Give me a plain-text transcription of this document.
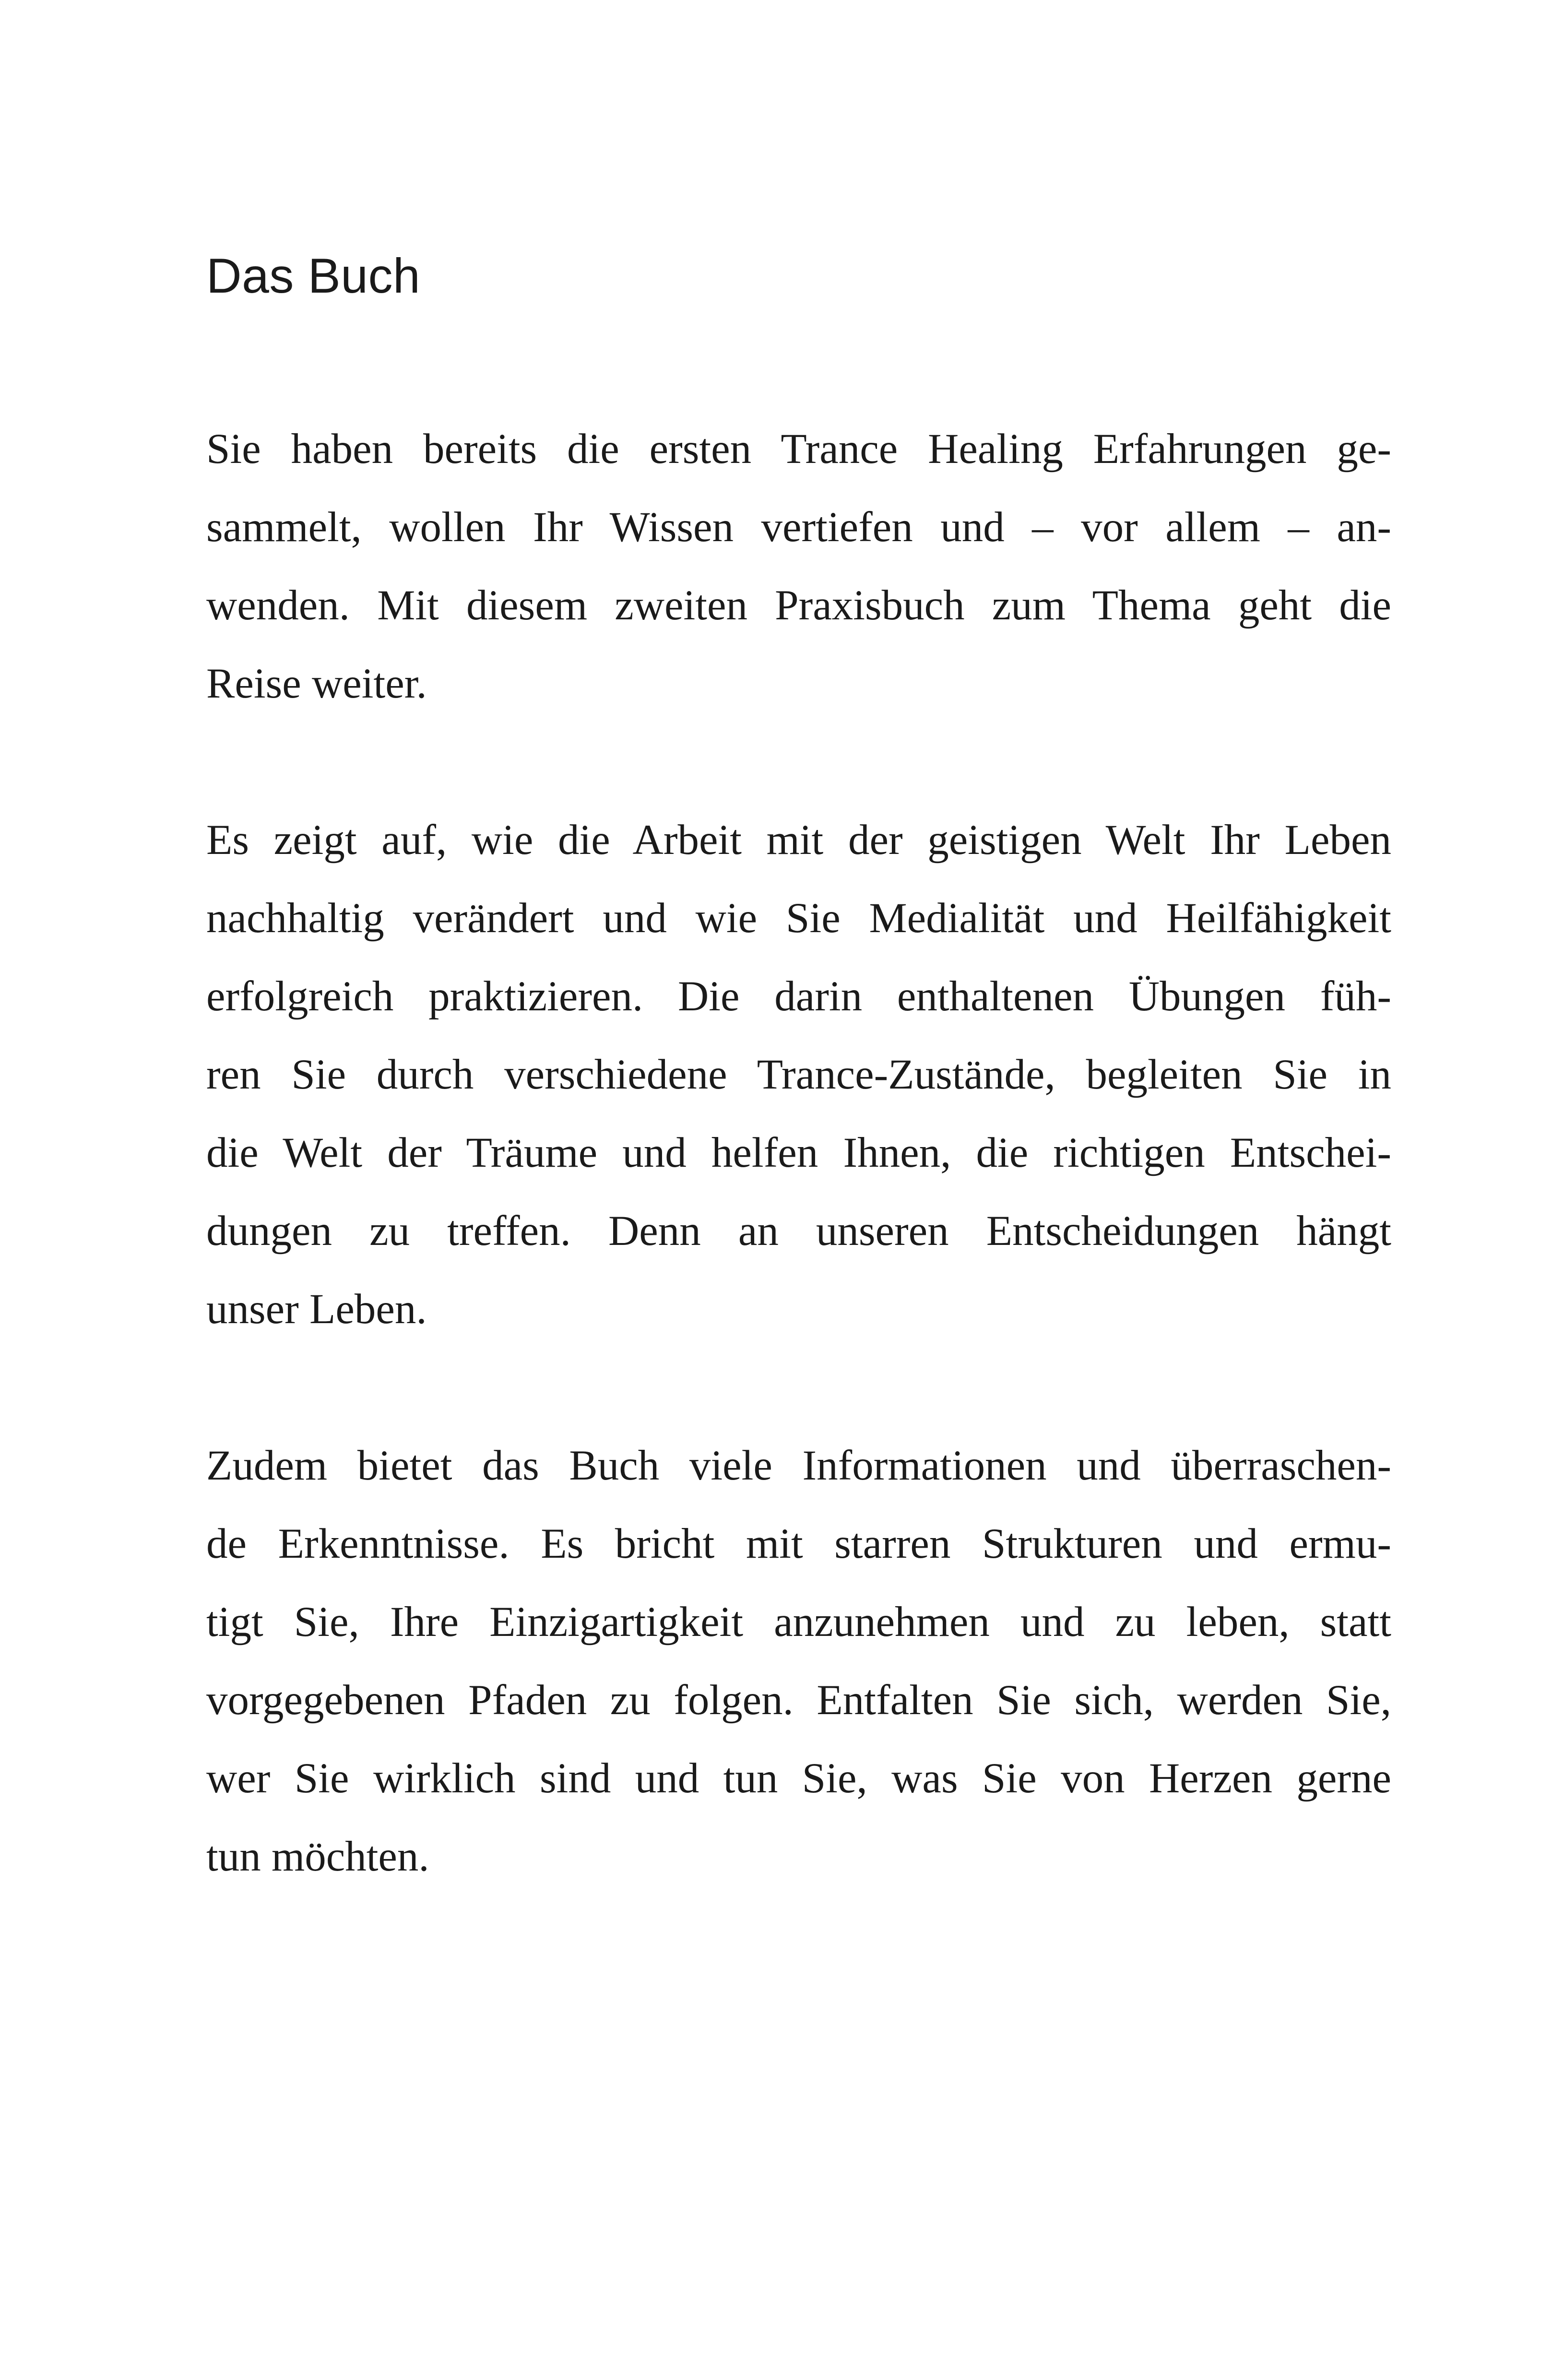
Das Buch
Sie haben bereits die ersten Trance Healing Erfahrungen ge-
sammelt, wollen Ihr Wissen vertiefen und – vor allem – an-
wenden. Mit diesem zweiten Praxisbuch zum Thema geht die
Reise weiter.
Es zeigt auf, wie die Arbeit mit der geistigen Welt Ihr Leben
nachhaltig verändert und wie Sie Medialität und Heilfähigkeit
erfolgreich praktizieren. Die darin enthaltenen Übungen füh-
ren Sie durch verschiedene Trance-Zustände, begleiten Sie in
die Welt der Träume und helfen Ihnen, die richtigen Entschei-
dungen zu treffen. Denn an unseren Entscheidungen hängt
unser Leben.
Zudem bietet das Buch viele Informationen und überraschen-
de Erkenntnisse. Es bricht mit starren Strukturen und ermu-
tigt Sie, Ihre Einzigartigkeit anzunehmen und zu leben, statt
vorgegebenen Pfaden zu folgen. Entfalten Sie sich, werden Sie,
wer Sie wirklich sind und tun Sie, was Sie von Herzen gerne
tun möchten.
